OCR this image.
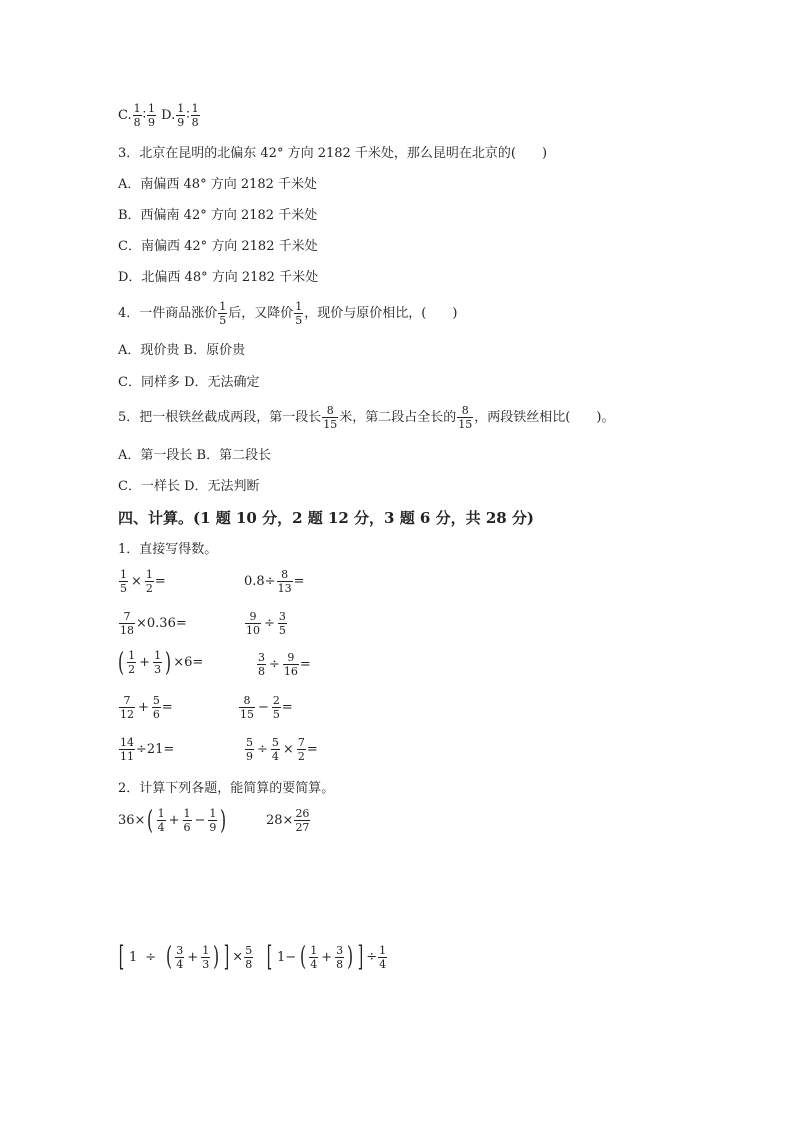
C. $\frac{1}{8}$ ∶ $\frac{1}{9} D$. $\frac{1}{9}$ ∶ $\frac{1}{8}$
3．北京在昆明的北偏东 42° 方向 2182 千米处，那么昆明在北京的(　　)
A．南偏西 48° 方向 2182 千米处
B．西偏南 42° 方向 2182 千米处
C．南偏西 42° 方向 2182 千米处
D．北偏西 48° 方向 2182 千米处
4．一件商品涨价 $\frac{1}{5}$ 后，又降价 $\frac{1}{5}$ ，现价与原价相比，(　　)
A．现价贵 B．原价贵
C．同样多 D．无法确定
5．把一根铁丝截成两段，第一段长 $\frac{8}{15}$ 米，第二段占全长的 $\frac{8}{15}$ ，两段铁丝相比(　　)。
A．第一段长 B．第二段长
C．一样长 D．无法判断
四、计算。(1 题 10 分，2 题 12 分，3 题 6 分，共 28 分)
1．直接写得数。
$\frac{1}{5} \times \frac{1}{2}$ =	$0.8\div \frac{8}{13}$ =
$\frac{7}{18} \times 0.36=$	$\frac{9}{10} \div \frac{3}{5}$
( $\frac{1}{2} + \frac{1}{3}$ ) ×6=	$\frac{3}{8} \div \frac{9}{16}$ =
$\frac{7}{12} + \frac{5}{6}$ =	$\frac{8}{15} - \frac{2}{5}$ =
$\frac{14}{11} \div 21=$	$\frac{5}{9} \div \frac{5}{4} \times \frac{7}{2}$ =
2．计算下列各题，能简算的要简算。
$36\times( \frac{1}{4} + \frac{1}{6} - \frac{1}{9}$ )	$28\times \frac{26}{27}$
[ 1 ÷ ( $\frac{3}{4} + \frac{1}{3}$ ) ] × $\frac{5}{8}$ [ 1− ( $\frac{1}{4} + \frac{3}{8}$ ) ] ÷ $\frac{1}{4}$
